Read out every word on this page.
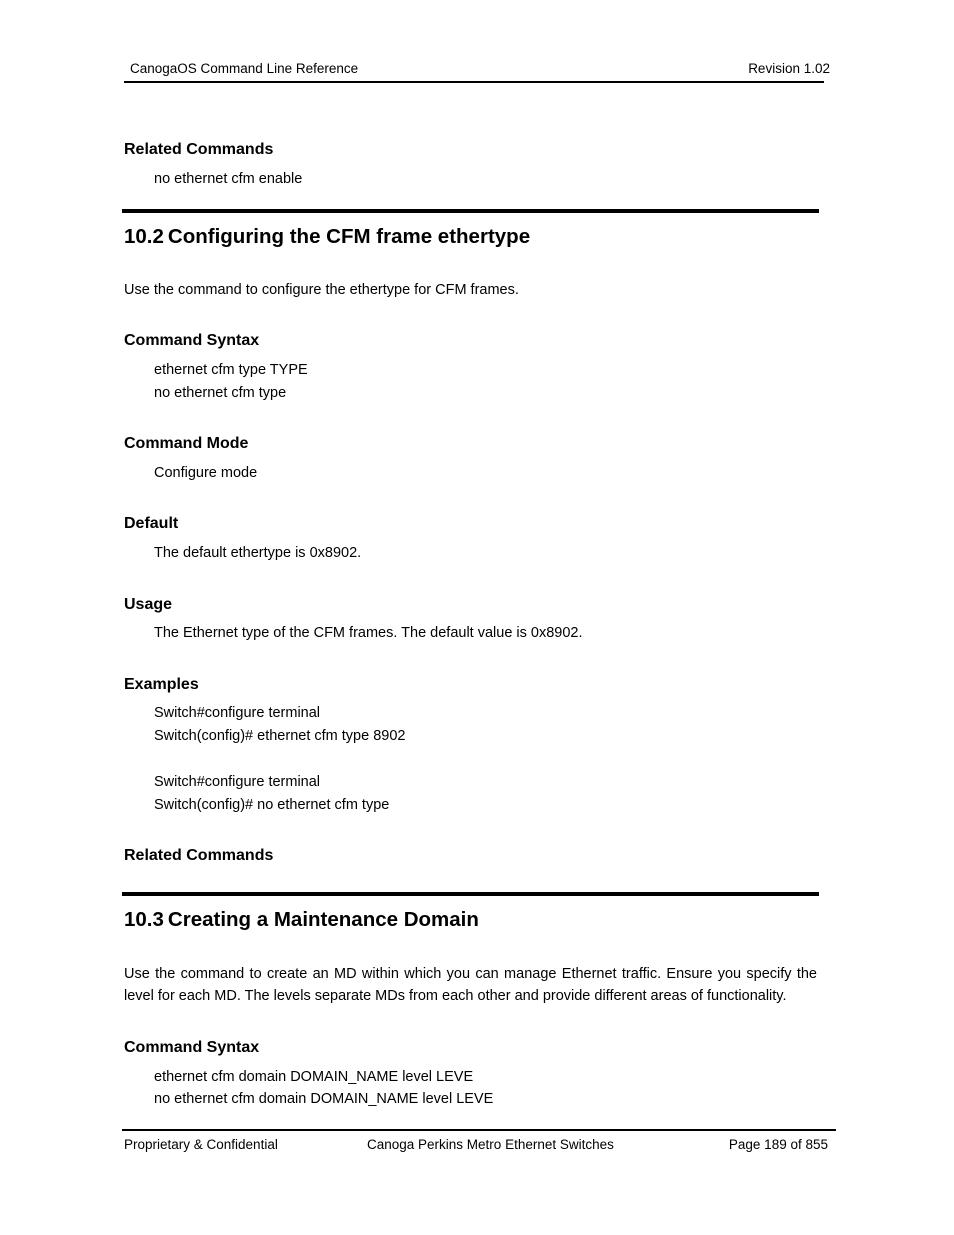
CanogaOS Command Line Reference	Revision 1.02
Related Commands
no ethernet cfm enable
10.2 Configuring the CFM frame ethertype
Use the command to configure the ethertype for CFM frames.
Command Syntax
ethernet cfm type TYPE
no ethernet cfm type
Command Mode
Configure mode
Default
The default ethertype is 0x8902.
Usage
The Ethernet type of the CFM frames. The default value is 0x8902.
Examples
Switch#configure terminal
Switch(config)# ethernet cfm type 8902
Switch#configure terminal
Switch(config)# no ethernet cfm type
Related Commands
10.3 Creating a Maintenance Domain
Use the command to create an MD within which you can manage Ethernet traffic. Ensure you specify the level for each MD. The levels separate MDs from each other and provide different areas of functionality.
Command Syntax
ethernet cfm domain DOMAIN_NAME level LEVE
no ethernet cfm domain DOMAIN_NAME level LEVE
Proprietary & Confidential	Canoga Perkins Metro Ethernet Switches	Page 189 of 855
